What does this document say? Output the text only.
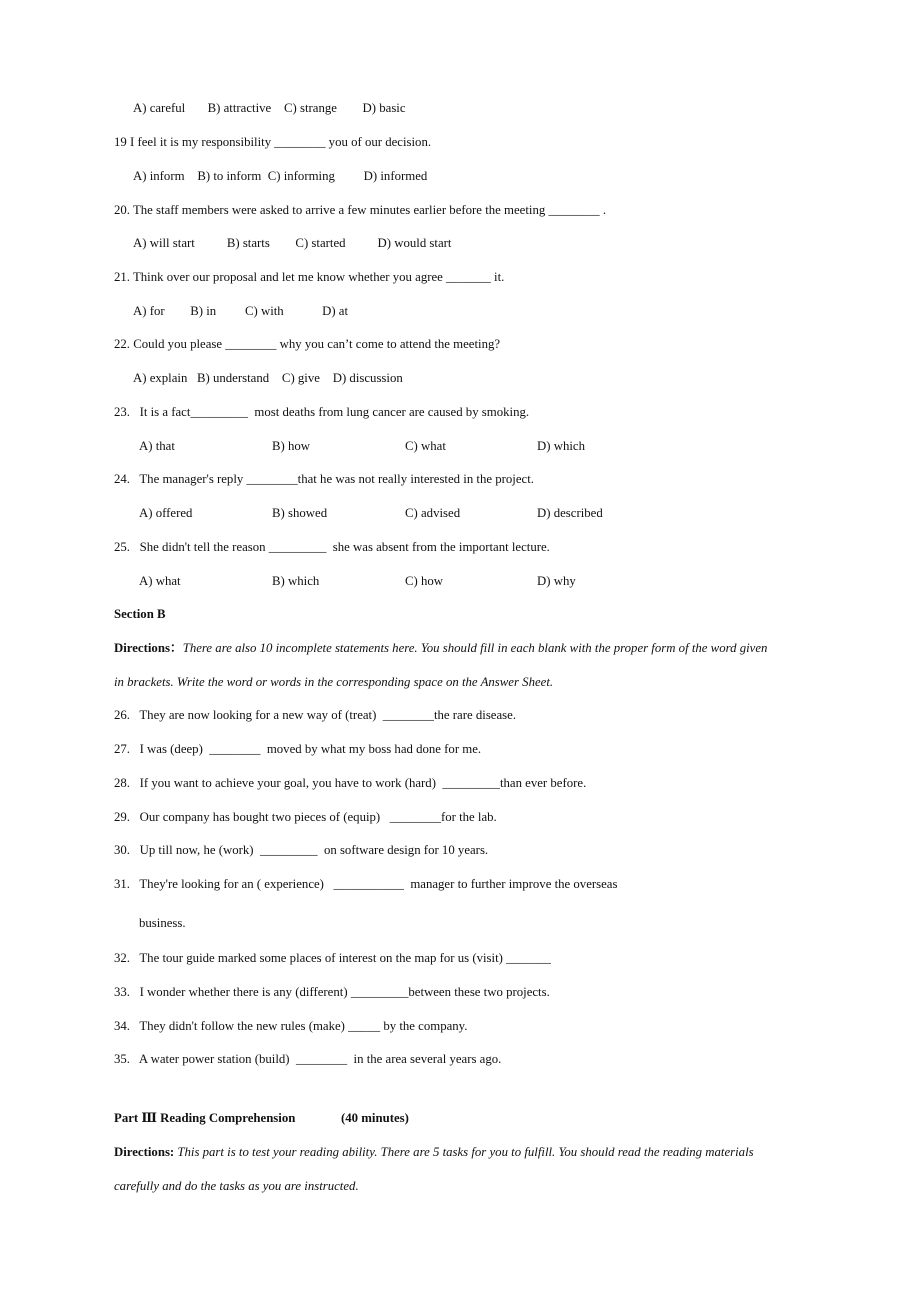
A) careful       B) attractive    C) strange        D) basic
19 I feel it is my responsibility ________ you of our decision.
A) inform    B) to inform  C) informing         D) informed
20. The staff members were asked to arrive a few minutes earlier before the meeting ________ .
A) will start          B) starts        C) started          D) would start
21. Think over our proposal and let me know whether you agree _______ it.
A) for        B) in         C) with            D) at
22. Could you please ________ why you can’t come to attend the meeting?
A) explain   B) understand    C) give    D) discussion
23.   It is a fact_________  most deaths from lung cancer are caused by smoking.
A) that	B) how	C) what	D) which
24.   The manager's reply ________that he was not really interested in the project.
A) offered	B) showed	C) advised	D) described
25.   She didn't tell the reason _________  she was absent from the important lecture.
A) what	B) which	C) how	D) why
Section B
Directions：There are also 10 incomplete statements here. You should fill in each blank with the proper form of the word given
in brackets. Write the word or words in the corresponding space on the Answer Sheet.
26.   They are now looking for a new way of (treat)  ________the rare disease.
27.   I was (deep)  ________  moved by what my boss had done for me.
28.   If you want to achieve your goal, you have to work (hard)  _________than ever before.
29.   Our company has bought two pieces of (equip)   ________for the lab.
30.   Up till now, he (work)  _________  on software design for 10 years.
31.   They're looking for an ( experience)   ___________  manager to further improve the overseas
business.
32.   The tour guide marked some places of interest on the map for us (visit) _______
33.   I wonder whether there is any (different) _________between these two projects.
34.   They didn't follow the new rules (make) _____ by the company.
35.   A water power station (build)  ________  in the area several years ago.
Part Ⅲ Reading Comprehension	(40 minutes)
Directions: This part is to test your reading ability. There are 5 tasks for you to fulfill. You should read the reading materials
carefully and do the tasks as you are instructed.
